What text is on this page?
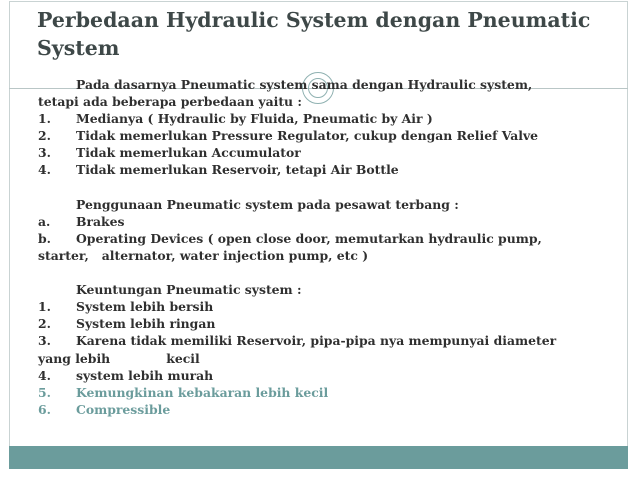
Perbedaan Hydraulic System dengan Pneumatic System
Pada dasarnya Pneumatic system sama dengan Hydraulic system,
tetapi ada beberapa perbedaan yaitu :
1. Medianya ( Hydraulic by Fluida, Pneumatic by Air )
2. Tidak memerlukan Pressure Regulator, cukup dengan Relief Valve
3. Tidak memerlukan Accumulator
4. Tidak memerlukan Reservoir, tetapi Air Bottle
Penggunaan Pneumatic system pada pesawat terbang :
a. Brakes
b. Operating Devices ( open close door, memutarkan hydraulic pump,
starter,   alternator, water injection pump, etc )
Keuntungan Pneumatic system :
1. System lebih bersih
2. System lebih ringan
3. Karena tidak memiliki Reservoir, pipa-pipa nya mempunyai diameter
yang lebih             kecil
4. system lebih murah
5. Kemungkinan kebakaran lebih kecil
6. Compressible
